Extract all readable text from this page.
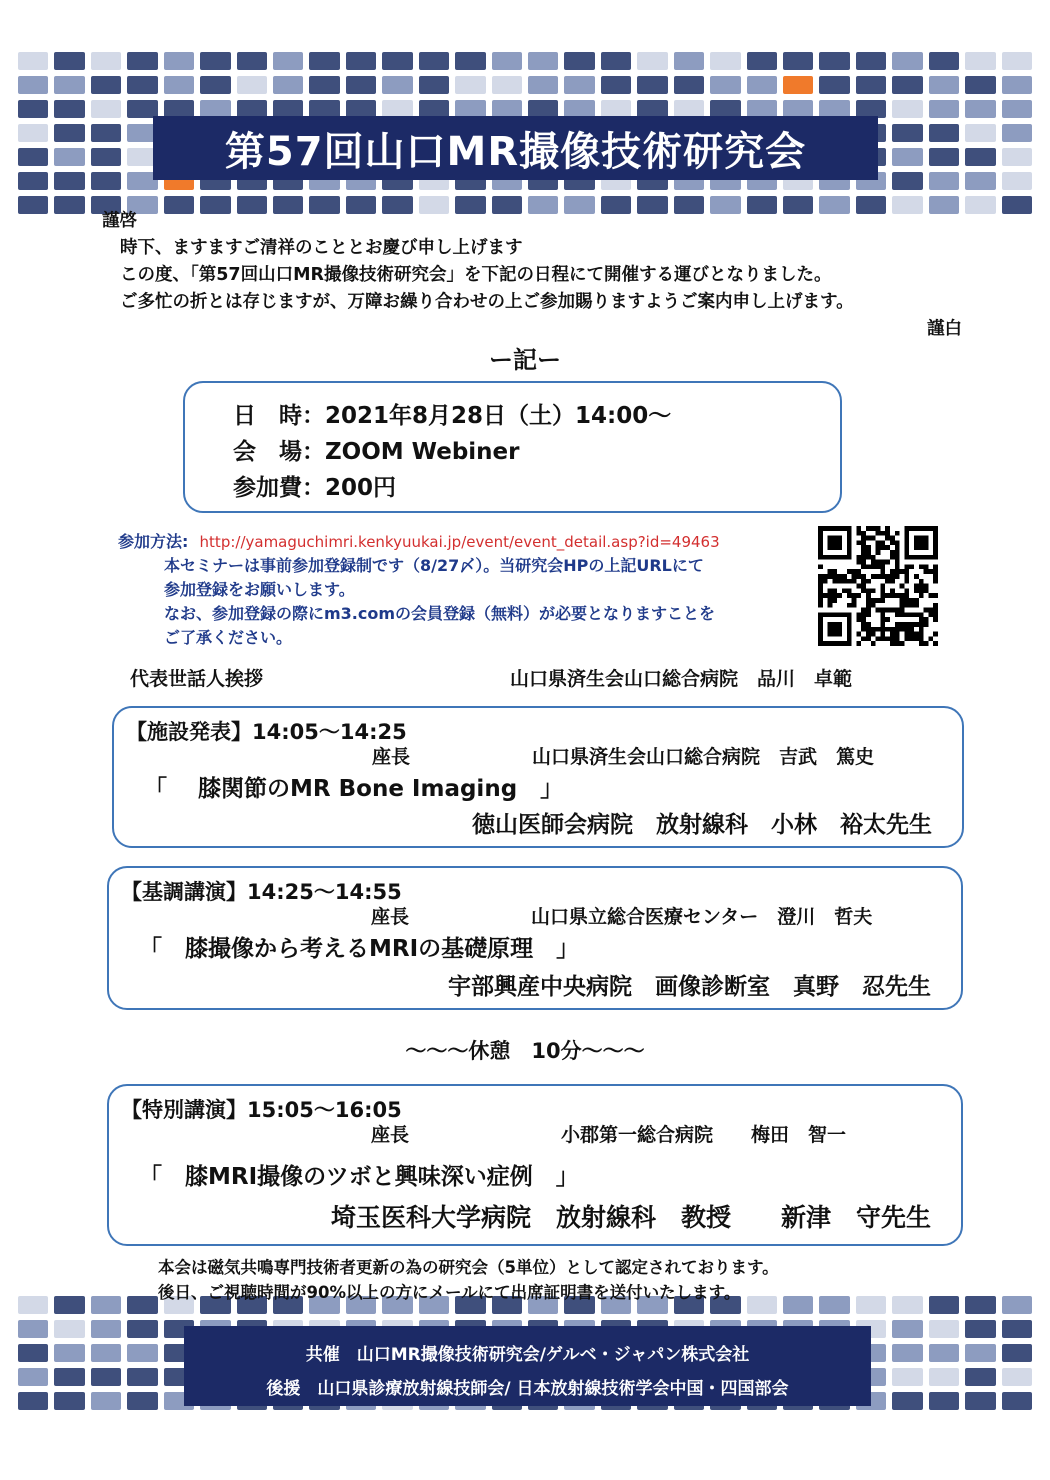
第57回山口MR撮像技術研究会
謹啓
時下、ますますご清祥のこととお慶び申し上げます
この度、「第57回山口MR撮像技術研究会」を下記の日程にて開催する運びとなりました。
ご多忙の折とは存じますが、万障お繰り合わせの上ご参加賜りますようご案内申し上げます。
謹白
ー記ー
日　時：2021年8月28日（土）14:00～
会　場：ZOOM Webiner
参加費：200円
参加方法: http://yamaguchimri.kenkyuukai.jp/event/event_detail.asp?id=49463
本セミナーは事前参加登録制です（8/27〆）。当研究会HPの上記URLにて
参加登録をお願いします。
なお、参加登録の際にm3.comの会員登録（無料）が必要となりますことを
ご了承ください。
代表世話人挨拶	山口県済生会山口総合病院　品川　卓範
【施設発表】14:05～14:25
座長	山口県済生会山口総合病院　吉武　篤史
「　 膝関節のMR Bone Imaging　」
徳山医師会病院　放射線科　小林　裕太先生
【基調講演】14:25～14:55
座長	山口県立総合医療センター　澄川　哲夫
「　膝撮像から考えるMRIの基礎原理　」
宇部興産中央病院　画像診断室　真野　忍先生
～～～休憩　10分～～～
【特別講演】15:05～16:05
座長	小郡第一総合病院　　梅田　智一
「　膝MRI撮像のツボと興味深い症例　」
埼玉医科大学病院　放射線科　教授　　新津　守先生
本会は磁気共鳴専門技術者更新の為の研究会（5単位）として認定されております。
後日、ご視聴時間が90%以上の方にメールにて出席証明書を送付いたします。
共催　山口MR撮像技術研究会/ゲルベ・ジャパン株式会社
後援　山口県診療放射線技師会/ 日本放射線技術学会中国・四国部会
